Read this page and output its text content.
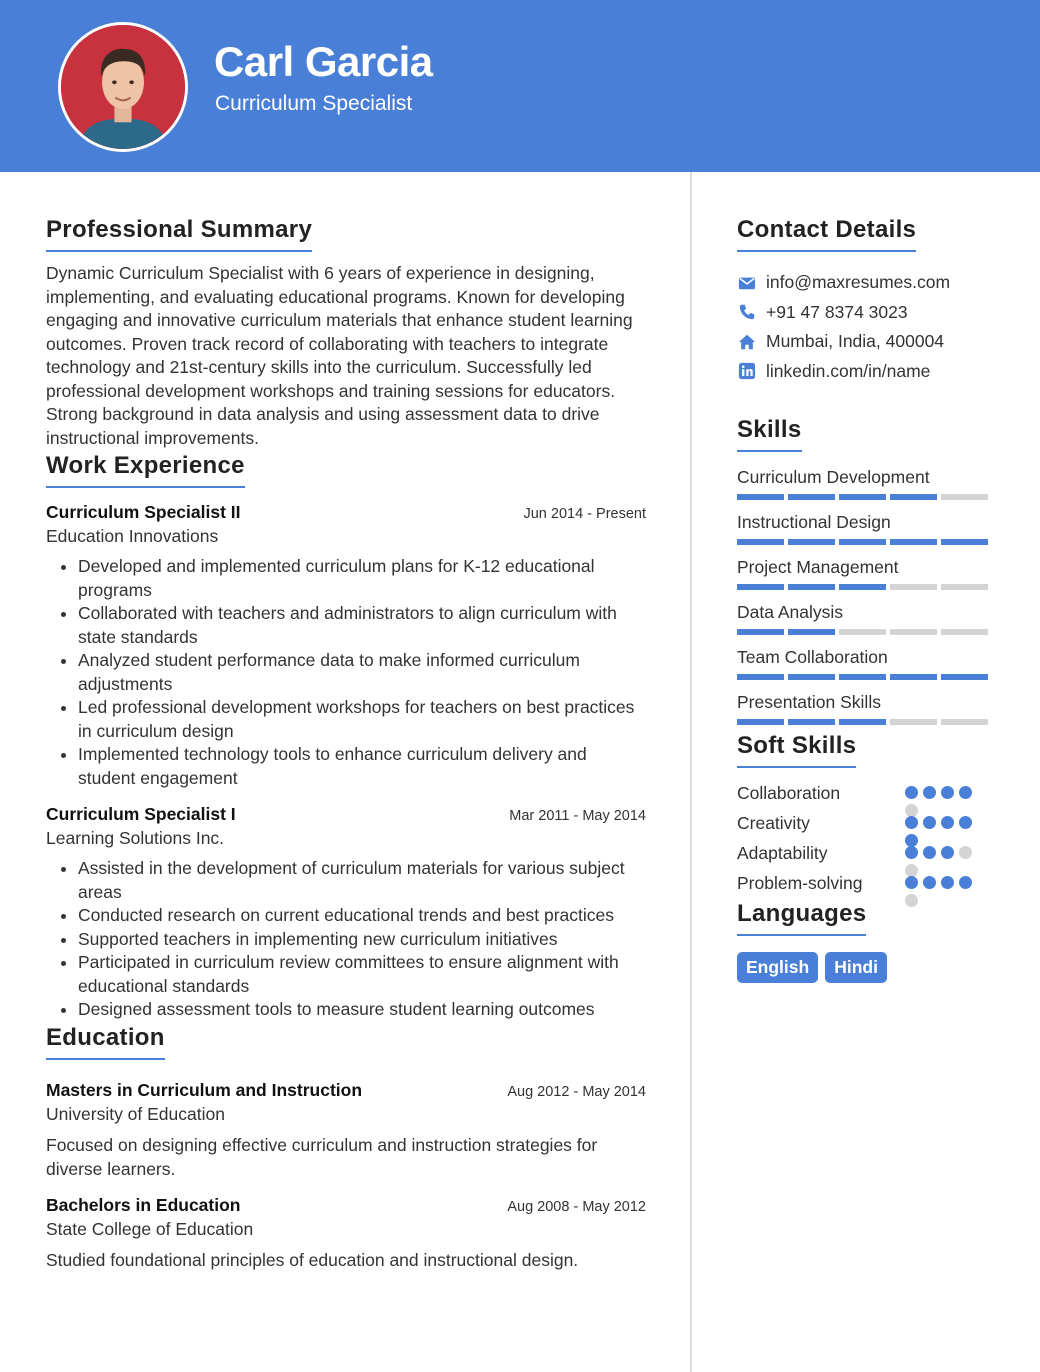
Carl Garcia
Curriculum Specialist
Professional Summary

Dynamic Curriculum Specialist with 6 years of experience in designing, implementing, and evaluating educational programs. Known for developing engaging and innovative curriculum materials that enhance student learning outcomes. Proven track record of collaborating with teachers to integrate technology and 21st-century skills into the curriculum. Successfully led professional development workshops and training sessions for educators. Strong background in data analysis and using assessment data to drive instructional improvements.

Work Experience
Curriculum Specialist II	Jun 2014 - Present
Education Innovations
• Developed and implemented curriculum plans for K-12 educational programs
• Collaborated with teachers and administrators to align curriculum with state standards
• Analyzed student performance data to make informed curriculum adjustments
• Led professional development workshops for teachers on best practices in curriculum design
• Implemented technology tools to enhance curriculum delivery and student engagement
Curriculum Specialist I	Mar 2011 - May 2014
Learning Solutions Inc.
• Assisted in the development of curriculum materials for various subject areas
• Conducted research on current educational trends and best practices
• Supported teachers in implementing new curriculum initiatives
• Participated in curriculum review committees to ensure alignment with educational standards
• Designed assessment tools to measure student learning outcomes
Education
Masters in Curriculum and Instruction	Aug 2012 - May 2014
University of Education

Focused on designing effective curriculum and instruction strategies for diverse learners.

Bachelors in Education	Aug 2008 - May 2012
State College of Education

Studied foundational principles of education and instructional design.

Contact Details
info@maxresumes.com
+91 47 8374 3023
Mumbai, India, 400004
linkedin.com/in/name
Skills
Curriculum Development
Instructional Design
Project Management
Data Analysis
Team Collaboration
Presentation Skills
Soft Skills
Collaboration
Creativity
Adaptability
Problem-solving
Languages
English	Hindi
